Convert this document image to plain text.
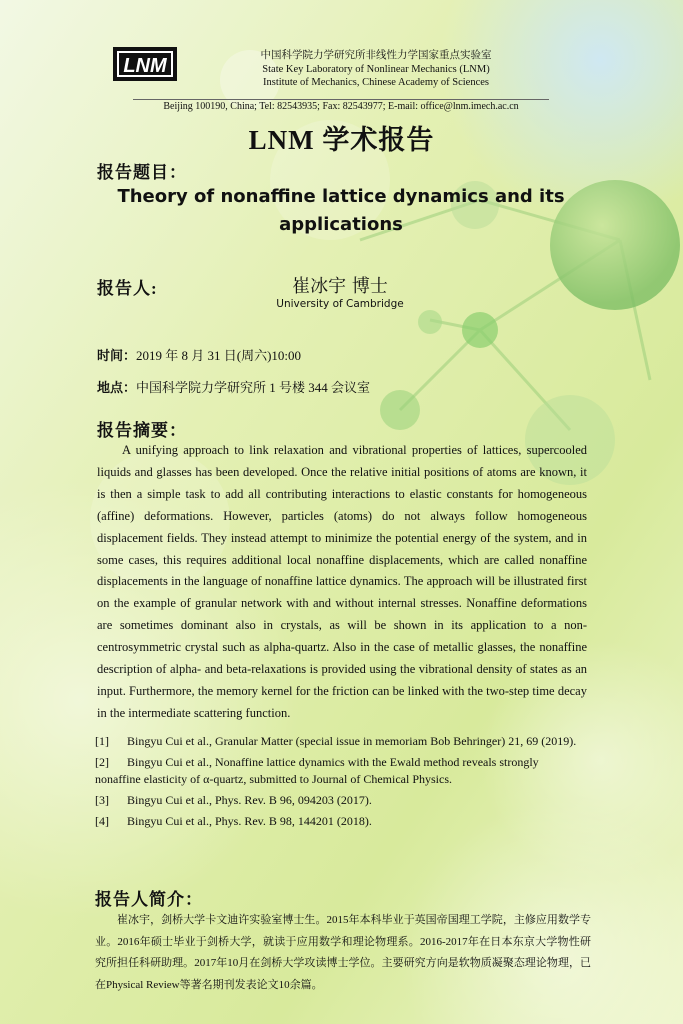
LNM	中国科学院力学研究所非线性力学国家重点实验室
State Key Laboratory of Nonlinear Mechanics (LNM)
Institute of Mechanics, Chinese Academy of Sciences
Beijing 100190, China; Tel: 82543935; Fax: 82543977; E-mail: office@lnm.imech.ac.cn
LNM 学术报告
报告题目：
Theory of nonaffine lattice dynamics and its
applications
报告人:	崔冰宇 博士
University of Cambridge
时间：2019 年 8 月 31 日(周六)10:00
地点：中国科学院力学研究所 1 号楼 344 会议室
报告摘要：

A unifying approach to link relaxation and vibrational properties of lattices, supercooled liquids and glasses has been developed. Once the relative initial positions of atoms are known, it is then a simple task to add all contributing interactions to elastic constants for homogeneous (affine) deformations. However, particles (atoms) do not always follow homogeneous displacement fields. They instead attempt to minimize the potential energy of the system, and in some cases, this requires additional local nonaffine displacements, which are called nonaffine displacements in the language of nonaffine lattice dynamics. The approach will be illustrated first on the example of granular network with and without internal stresses. Nonaffine deformations are sometimes dominant also in crystals, as will be shown in its application to a non-centrosymmetric crystal such as alpha-quartz. Also in the case of metallic glasses, the nonaffine description of alpha- and beta-relaxations is provided using the vibrational density of states as an input. Furthermore, the memory kernel for the friction can be linked with the two-step time decay in the intermediate scattering function.

[1] Bingyu Cui et al., Granular Matter (special issue in memoriam Bob Behringer) 21, 69 (2019).
[2] Bingyu Cui et al., Nonaffine lattice dynamics with the Ewald method reveals strongly nonaffine elasticity of α-quartz, submitted to Journal of Chemical Physics.
[3] Bingyu Cui et al., Phys. Rev. B 96, 094203 (2017).
[4] Bingyu Cui et al., Phys. Rev. B 98, 144201 (2018).
报告人简介：

崔冰宇，剑桥大学卡文迪许实验室博士生。2015年本科毕业于英国帝国理工学院，主修应用数学专业。2016年硕士毕业于剑桥大学，就读于应用数学和理论物理系。2016-2017年在日本东京大学物性研究所担任科研助理。2017年10月在剑桥大学攻读博士学位。主要研究方向是软物质凝聚态理论物理，已在Physical Review等著名期刊发表论文10余篇。
